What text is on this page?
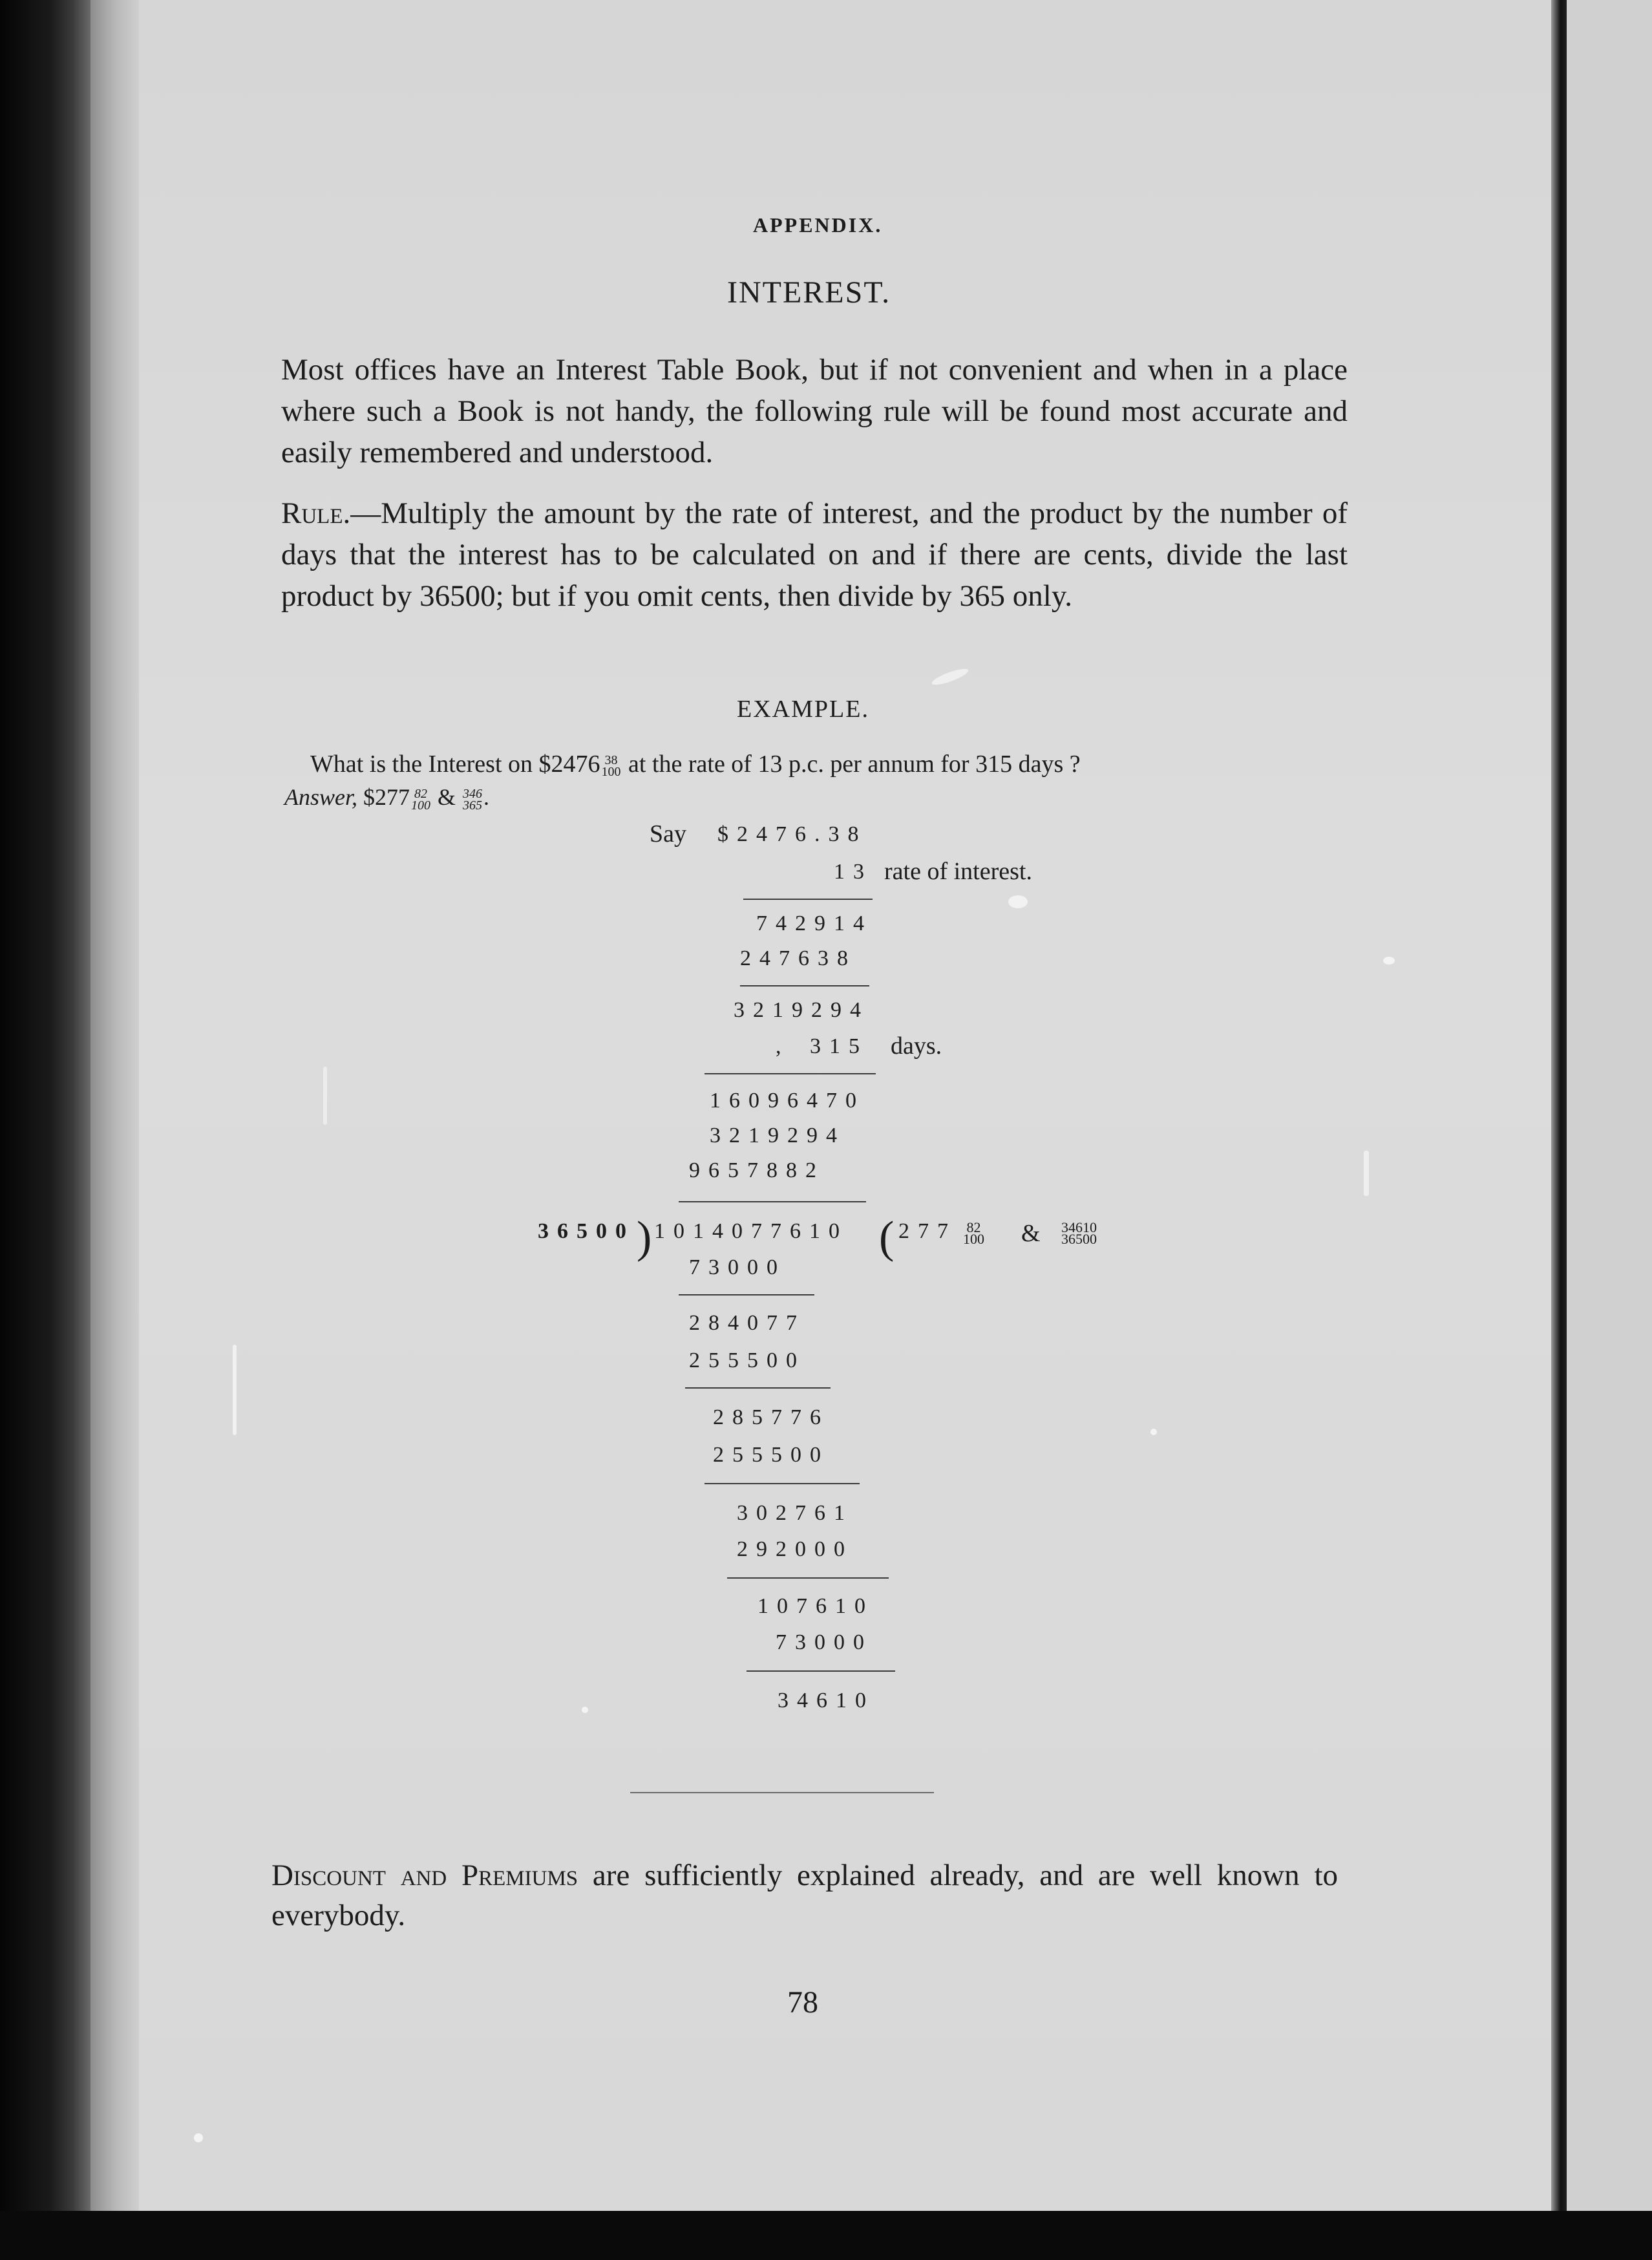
APPENDIX.
INTEREST.
Most offices have an Interest Table Book, but if not convenient and when in a place where such a Book is not handy, the following rule will be found most accurate and easily remembered and understood.
Rule.—Multiply the amount by the rate of interest, and the product by the number of days that the interest has to be calculated on and if there are cents, divide the last product by 36500; but if you omit cents, then divide by 365 only.
EXAMPLE.
What is the Interest on $2476 38
100 at the rate of 13 p.c. per annum for 315 days ?
Answer, $277 82
100 & 346
365 .
Say $2476.38
13 rate of interest.
742914
247638
3219294
, 315 days.
16096470
3219294
9657882
36500 ) 1014077610 ( 277 82
100 & 34610
36500
73000
284077
255500
285776
255500
302761
292000
107610
73000
34610
Discount and Premiums are sufficiently explained already, and are well known to everybody.
78
